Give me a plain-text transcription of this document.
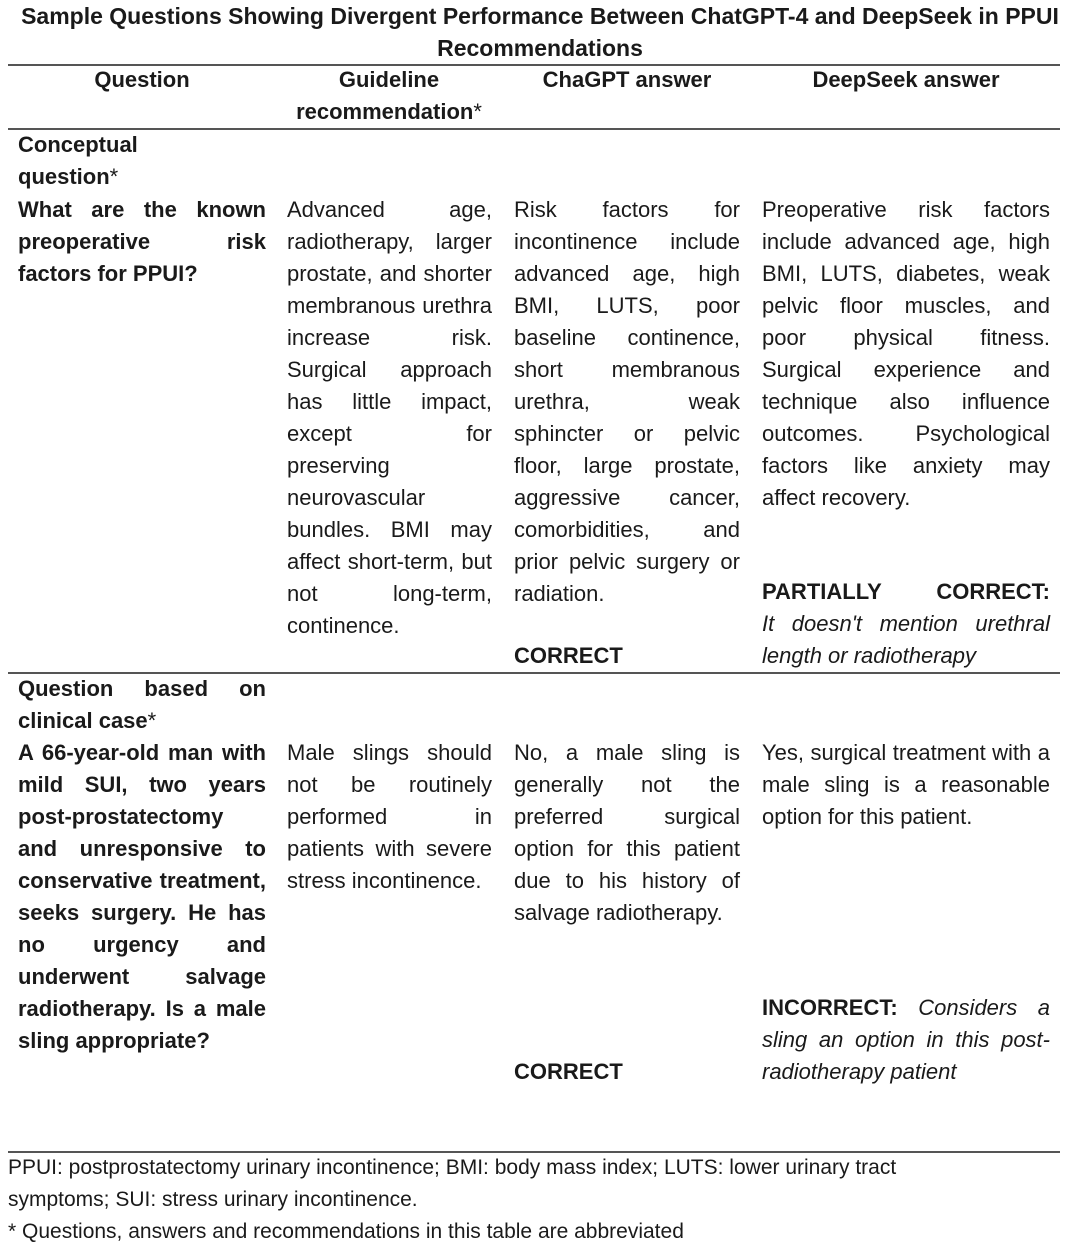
Sample Questions Showing Divergent Performance Between ChatGPT-4 and DeepSeek in PPUI Recommendations
Question	Guideline
recommendation*
ChaGPT answer	DeepSeek answer
Conceptual
question*
What are the known preoperative risk factors for PPUI?
Advanced age, radiotherapy, larger prostate, and shorter membranous urethra increase risk. Surgical approach has little impact, except for preserving neurovascular bundles. BMI may affect short-term, but not long-term, continence.
Risk factors for incontinence include advanced age, high BMI, LUTS, poor baseline continence, short membranous urethra, weak sphincter or pelvic floor, large prostate, aggressive cancer, comorbidities, and prior pelvic surgery or radiation.
CORRECT
Preoperative risk factors include advanced age, high BMI, LUTS, diabetes, weak pelvic floor muscles, and poor physical fitness. Surgical experience and technique also influence outcomes. Psychological factors like anxiety may affect recovery.
PARTIALLY CORRECT:
It doesn't mention urethral length or radiotherapy
Question based on clinical case*
A 66-year-old man with mild SUI, two years post-prostatectomy and unresponsive to conservative treatment, seeks surgery. He has no urgency and underwent salvage radiotherapy. Is a male sling appropriate?
Male slings should not be routinely performed in patients with severe stress incontinence.
No, a male sling is generally not the preferred surgical option for this patient due to his history of salvage radiotherapy.
CORRECT
Yes, surgical treatment with a male sling is a reasonable option for this patient.
INCORRECT: Considers a sling an option in this post-radiotherapy patient
PPUI: postprostatectomy urinary incontinence; BMI: body mass index; LUTS: lower urinary tract symptoms; SUI: stress urinary incontinence.
* Questions, answers and recommendations in this table are abbreviated
